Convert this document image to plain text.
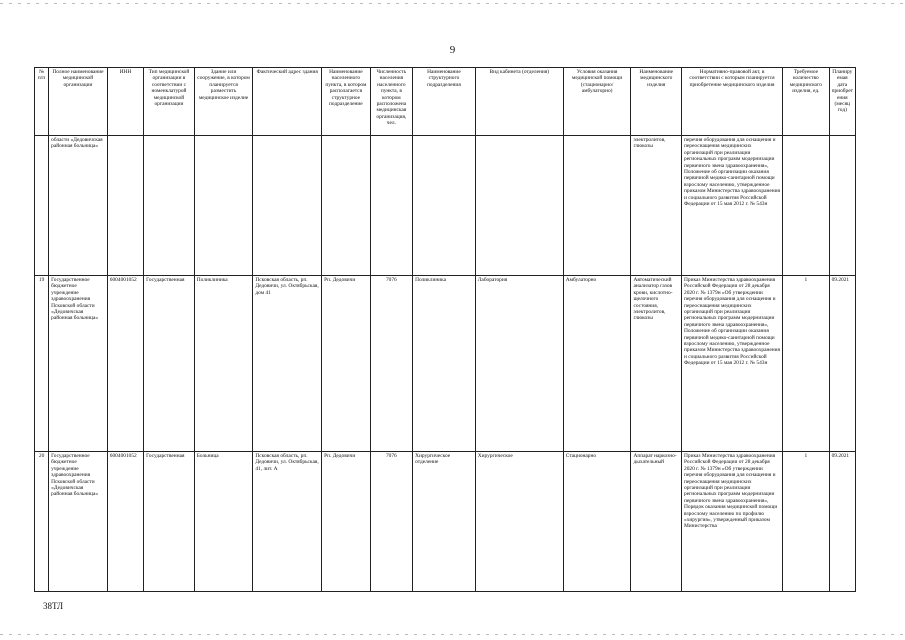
9
№ п/п	Полное наименование медицинской организации	ИНН	Тип медицинской организации в соответствии с номенклатурой медицинской организации	Здание или сооружение, в котором планируется разместить медицинское изделие	Фактический адрес здания	Наименование населенного пункта, в котором располагается структурное подразделение	Численность населения населенного пункта, в котором расположена медицинская организация, чел.	Наименование структурного подразделения	Вид кабинета (отделения)	Условия оказания медицинской помощи (стационарно/ амбулаторно)	Наименование медицинского изделия	Нормативно-правовой акт, в соответствии с которым планируется приобретение медицинского изделия	Требуемое количество медицинского изделия, ед.	Планируемая дата приобретения (месяц год)
	области «Дедовичская районная больница»										электролитов, глюкозы	перечня оборудования для оснащения и переоснащения медицинских организаций при реализации региональных программ модернизации первичного звена здравоохранения», Положение об организации оказания первичной медико-санитарной помощи взрослому населению, утвержденное приказом Министерства здравоохранения и социального развития Российской Федерации от 15 мая 2012 г. № 543н		
19	Государственное бюджетное учреждение здравоохранения Псковской области «Дедовичская районная больница»	6004001052	Государственная	Поликлиника	Псковская область, рп. Дедовичи, ул. Октябрьская, дом 41	Рп. Дедовичи	7076	Поликлиника	Лаборатория	Амбулаторно	Автоматический анализатор газов крови, кислотно-щелочного состояния, электролитов, глюкозы	Приказ Министерства здравоохранения Российской Федерации от 28 декабря 2020 г. № 1379н «Об утверждении перечня оборудования для оснащения и переоснащения медицинских организаций при реализации региональных программ модернизации первичного звена здравоохранения», Положение об организации оказания первичной медико-санитарной помощи взрослому населению, утвержденное приказом Министерства здравоохранения и социального развития Российской Федерации от 15 мая 2012 г. № 543н	1	09.2021
20	Государственное бюджетное учреждение здравоохранения Псковской области «Дедовичская районная больница»	6004001052	Государственная	Больница	Псковская область, рп. Дедовичи, ул. Октябрьская, 41, лит. А	Рп. Дедовичи	7076	Хирургическое отделение	Хирургическое	Стационарно	Аппарат наркозно-дыхательный	Приказ Министерства здравоохранения Российской Федерации от 28 декабря 2020 г. № 1379н «Об утверждении перечня оборудования для оснащения и переоснащения медицинских организаций при реализации региональных программ модернизации первичного звена здравоохранения», Порядок оказания медицинской помощи взрослому населению по профилю «хирургия», утвержденный приказом Министерства	1	09.2021
38ТЛ
